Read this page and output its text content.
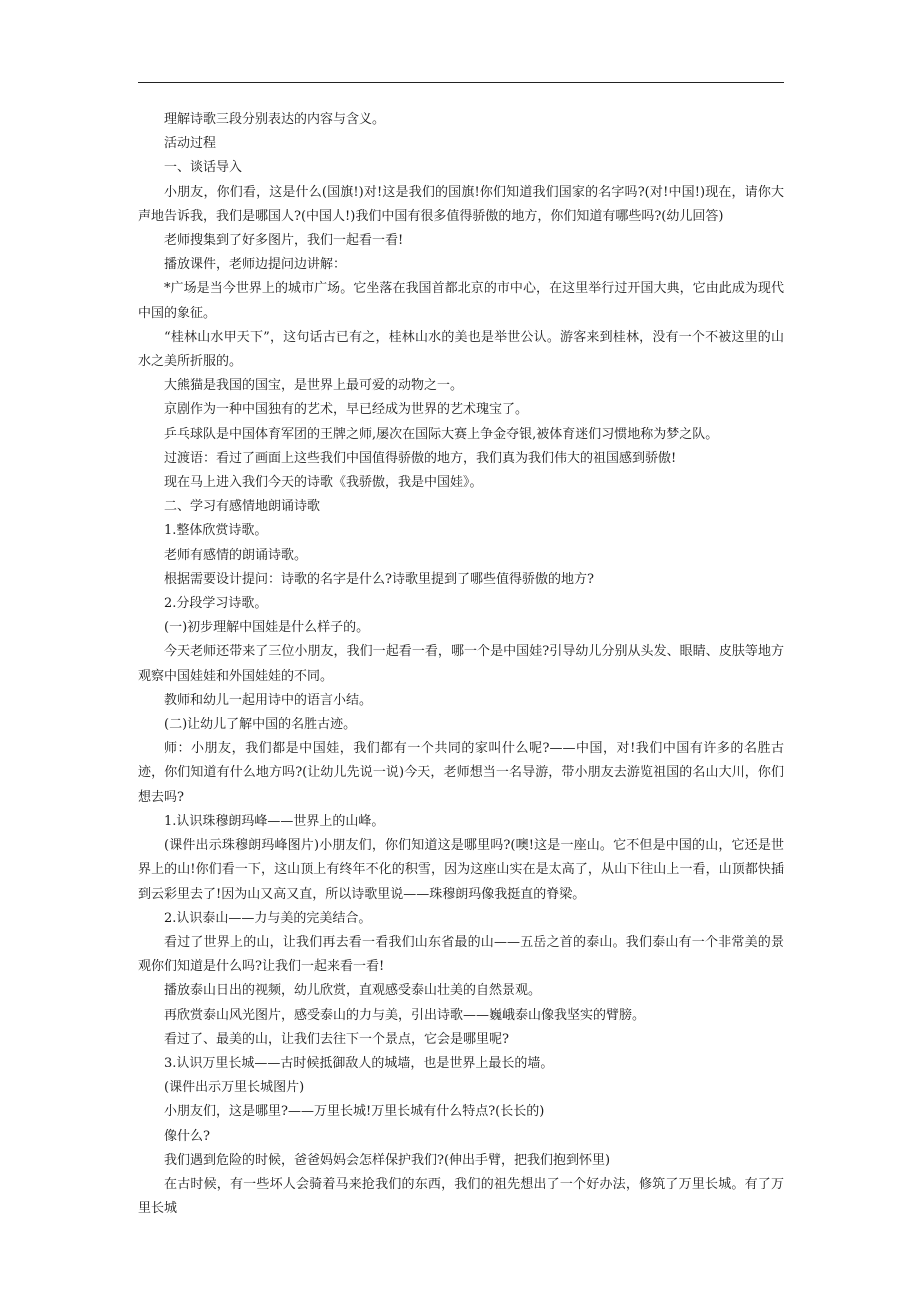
理解诗歌三段分别表达的内容与含义。

活动过程

一、谈话导入

小朋友，你们看，这是什么(国旗!)对!这是我们的国旗!你们知道我们国家的名字吗?(对!中国!)现在，请你大声地告诉我，我们是哪国人?(中国人!)我们中国有很多值得骄傲的地方，你们知道有哪些吗?(幼儿回答)

老师搜集到了好多图片，我们一起看一看!

播放课件，老师边提问边讲解：

*广场是当今世界上的城市广场。它坐落在我国首都北京的市中心，在这里举行过开国大典，它由此成为现代中国的象征。

“桂林山水甲天下”，这句话古已有之，桂林山水的美也是举世公认。游客来到桂林，没有一个不被这里的山水之美所折服的。

大熊猫是我国的国宝，是世界上最可爱的动物之一。

京剧作为一种中国独有的艺术，早已经成为世界的艺术瑰宝了。

乒乓球队是中国体育军团的王牌之师,屡次在国际大赛上争金夺银,被体育迷们习惯地称为梦之队。

过渡语：看过了画面上这些我们中国值得骄傲的地方，我们真为我们伟大的祖国感到骄傲!

现在马上进入我们今天的诗歌《我骄傲，我是中国娃》。

二、学习有感情地朗诵诗歌

1.整体欣赏诗歌。

老师有感情的朗诵诗歌。

根据需要设计提问：诗歌的名字是什么?诗歌里提到了哪些值得骄傲的地方?

2.分段学习诗歌。

(一)初步理解中国娃是什么样子的。

今天老师还带来了三位小朋友，我们一起看一看，哪一个是中国娃?引导幼儿分别从头发、眼睛、皮肤等地方观察中国娃娃和外国娃娃的不同。

教师和幼儿一起用诗中的语言小结。

(二)让幼儿了解中国的名胜古迹。

师：小朋友，我们都是中国娃，我们都有一个共同的家叫什么呢?——中国，对!我们中国有许多的名胜古迹，你们知道有什么地方吗?(让幼儿先说一说)今天，老师想当一名导游，带小朋友去游览祖国的名山大川，你们想去吗?

1.认识珠穆朗玛峰——世界上的山峰。

(课件出示珠穆朗玛峰图片)小朋友们，你们知道这是哪里吗?(噢!这是一座山。它不但是中国的山，它还是世界上的山!你们看一下，这山顶上有终年不化的积雪，因为这座山实在是太高了，从山下往山上一看，山顶都快插到云彩里去了!因为山又高又直，所以诗歌里说——珠穆朗玛像我挺直的脊梁。

2.认识泰山——力与美的完美结合。

看过了世界上的山，让我们再去看一看我们山东省最的山——五岳之首的泰山。我们泰山有一个非常美的景观你们知道是什么吗?让我们一起来看一看!

播放泰山日出的视频，幼儿欣赏，直观感受泰山壮美的自然景观。

再欣赏泰山风光图片，感受泰山的力与美，引出诗歌——巍峨泰山像我坚实的臂膀。

看过了、最美的山，让我们去往下一个景点，它会是哪里呢?

3.认识万里长城——古时候抵御敌人的城墙，也是世界上最长的墙。

(课件出示万里长城图片)

小朋友们，这是哪里?——万里长城!万里长城有什么特点?(长长的)

像什么?

我们遇到危险的时候，爸爸妈妈会怎样保护我们?(伸出手臂，把我们抱到怀里)

在古时候，有一些坏人会骑着马来抢我们的东西，我们的祖先想出了一个好办法，修筑了万里长城。有了万里长城
